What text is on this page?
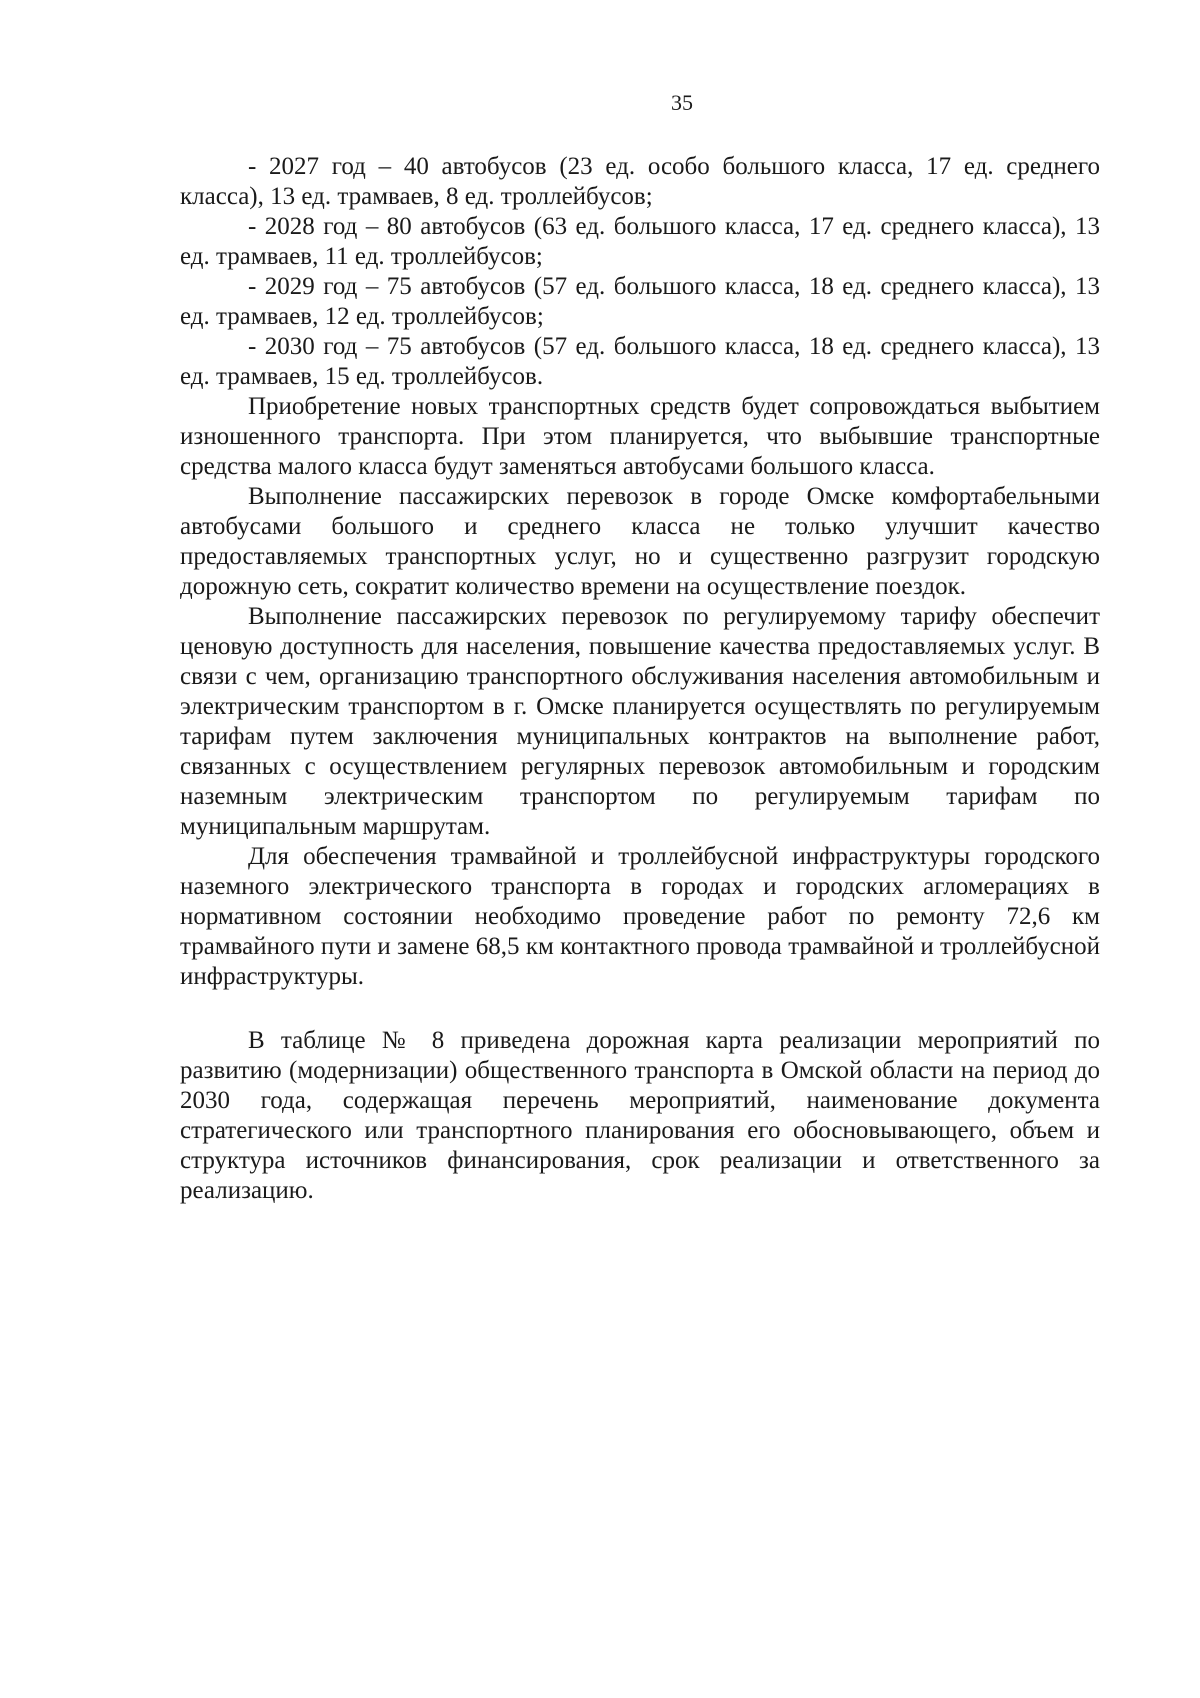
35

- 2027 год – 40 автобусов (23 ед. особо большого класса, 17 ед. среднего класса), 13 ед. трамваев, 8 ед. троллейбусов;

- 2028 год – 80 автобусов (63 ед. большого класса, 17 ед. среднего класса), 13 ед. трамваев, 11 ед. троллейбусов;

- 2029 год – 75 автобусов (57 ед. большого класса, 18 ед. среднего класса), 13 ед. трамваев, 12 ед. троллейбусов;

- 2030 год – 75 автобусов (57 ед. большого класса, 18 ед. среднего класса), 13 ед. трамваев, 15 ед. троллейбусов.

Приобретение новых транспортных средств будет сопровождаться выбытием изношенного транспорта. При этом планируется, что выбывшие транспортные средства малого класса будут заменяться автобусами большого класса.

Выполнение пассажирских перевозок в городе Омске комфортабельными автобусами большого и среднего класса не только улучшит качество предоставляемых транспортных услуг, но и существенно разгрузит городскую дорожную сеть, сократит количество времени на осуществление поездок.

Выполнение пассажирских перевозок по регулируемому тарифу обеспечит ценовую доступность для населения, повышение качества предоставляемых услуг. В связи с чем, организацию транспортного обслуживания населения автомобильным и электрическим транспортом в г. Омске планируется осуществлять по регулируемым тарифам путем заключения муниципальных контрактов на выполнение работ, связанных с осуществлением регулярных перевозок автомобильным и городским наземным электрическим транспортом по регулируемым тарифам по муниципальным маршрутам.

Для обеспечения трамвайной и троллейбусной инфраструктуры городского наземного электрического транспорта в городах и городских агломерациях в нормативном состоянии необходимо проведение работ по ремонту 72,6 км трамвайного пути и замене 68,5 км контактного провода трамвайной и троллейбусной инфраструктуры.

В таблице № 8 приведена дорожная карта реализации мероприятий по развитию (модернизации) общественного транспорта в Омской области на период до 2030 года, содержащая перечень мероприятий, наименование документа стратегического или транспортного планирования его обосновывающего, объем и структура источников финансирования, срок реализации и ответственного за реализацию.
